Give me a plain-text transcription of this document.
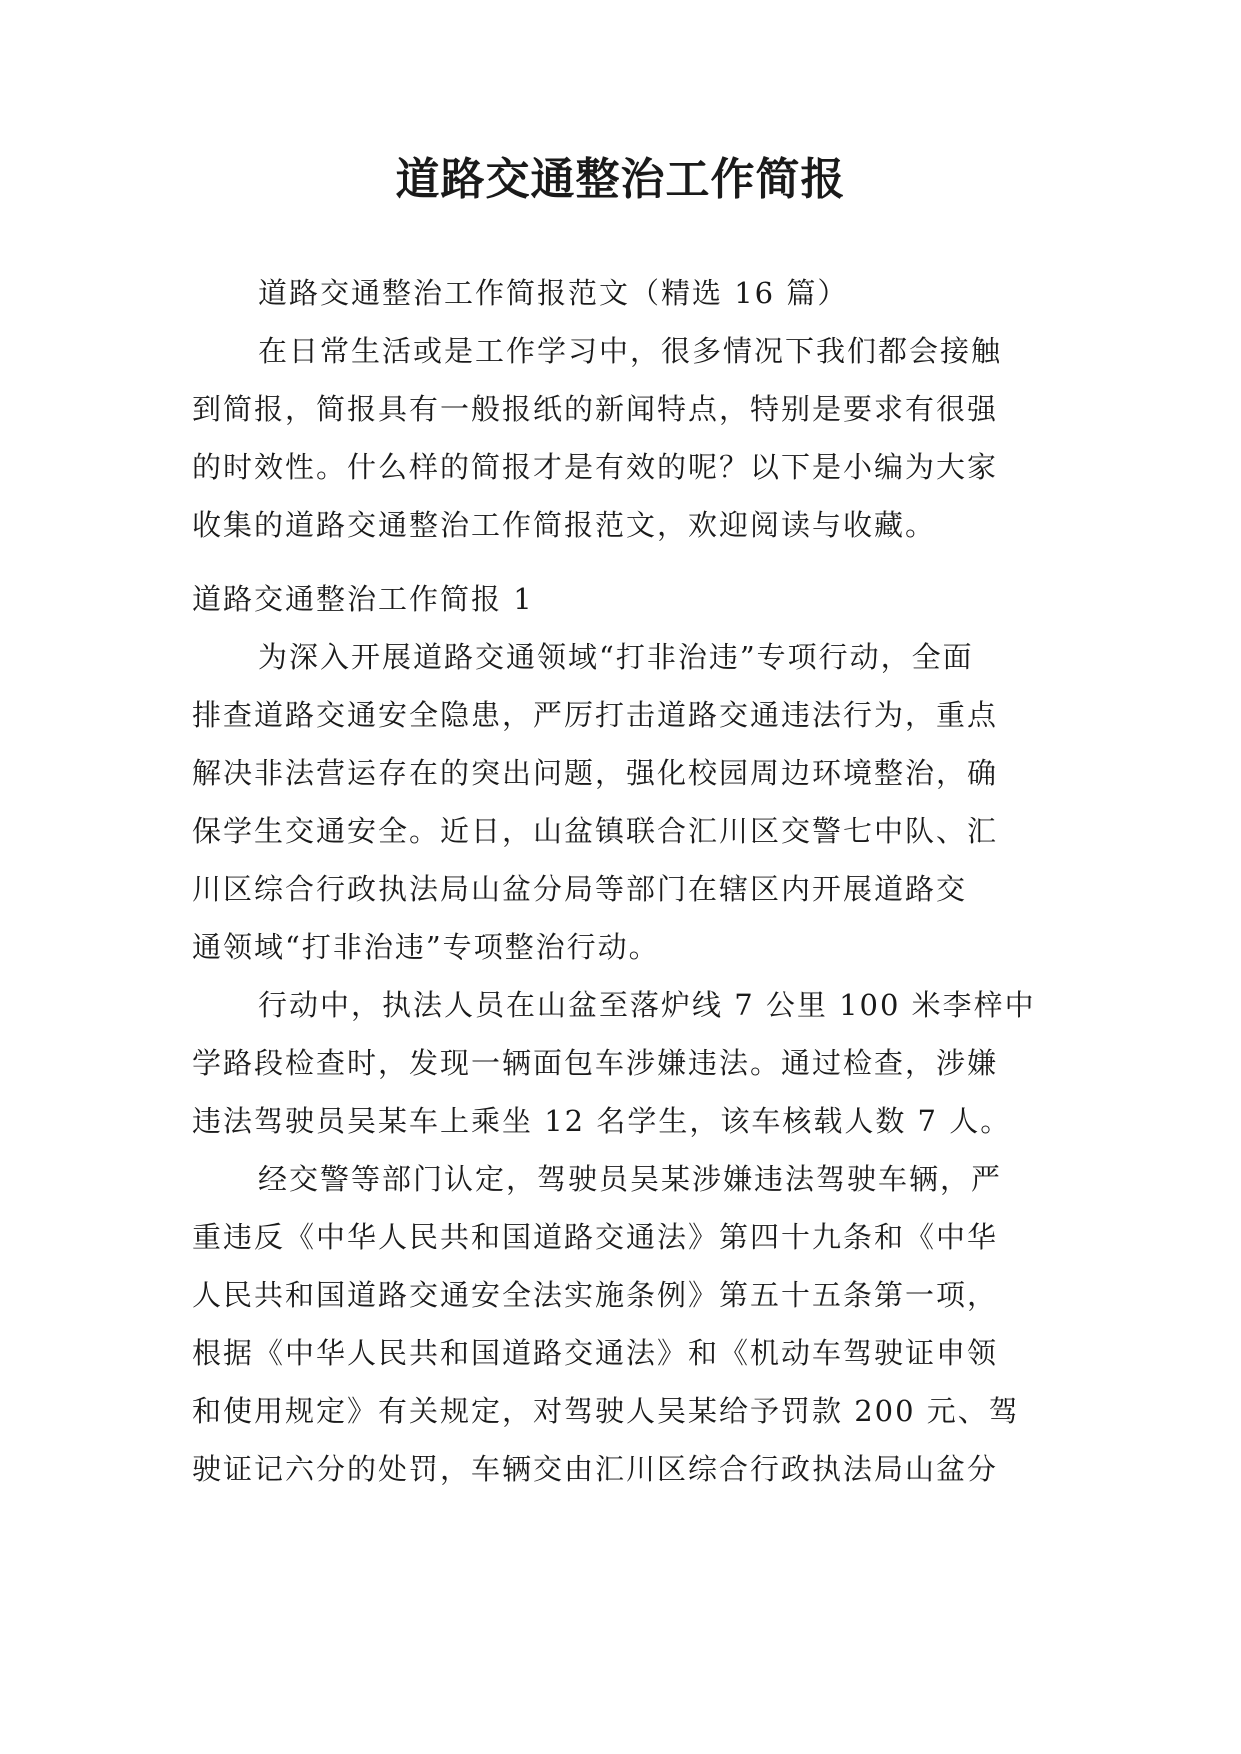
道路交通整治工作简报
道路交通整治工作简报范文（精选 16 篇）
在日常生活或是工作学习中，很多情况下我们都会接触
到简报，简报具有一般报纸的新闻特点，特别是要求有很强
的时效性。什么样的简报才是有效的呢？以下是小编为大家
收集的道路交通整治工作简报范文，欢迎阅读与收藏。
道路交通整治工作简报 1
为深入开展道路交通领域“打非治违”专项行动，全面
排查道路交通安全隐患，严厉打击道路交通违法行为，重点
解决非法营运存在的突出问题，强化校园周边环境整治，确
保学生交通安全。近日，山盆镇联合汇川区交警七中队、汇
川区综合行政执法局山盆分局等部门在辖区内开展道路交
通领域“打非治违”专项整治行动。
行动中，执法人员在山盆至落炉线 7 公里 100 米李梓中
学路段检查时，发现一辆面包车涉嫌违法。通过检查，涉嫌
违法驾驶员吴某车上乘坐 12 名学生，该车核载人数 7 人。
经交警等部门认定，驾驶员吴某涉嫌违法驾驶车辆，严
重违反《中华人民共和国道路交通法》第四十九条和《中华
人民共和国道路交通安全法实施条例》第五十五条第一项，
根据《中华人民共和国道路交通法》和《机动车驾驶证申领
和使用规定》有关规定，对驾驶人吴某给予罚款 200 元、驾
驶证记六分的处罚，车辆交由汇川区综合行政执法局山盆分
